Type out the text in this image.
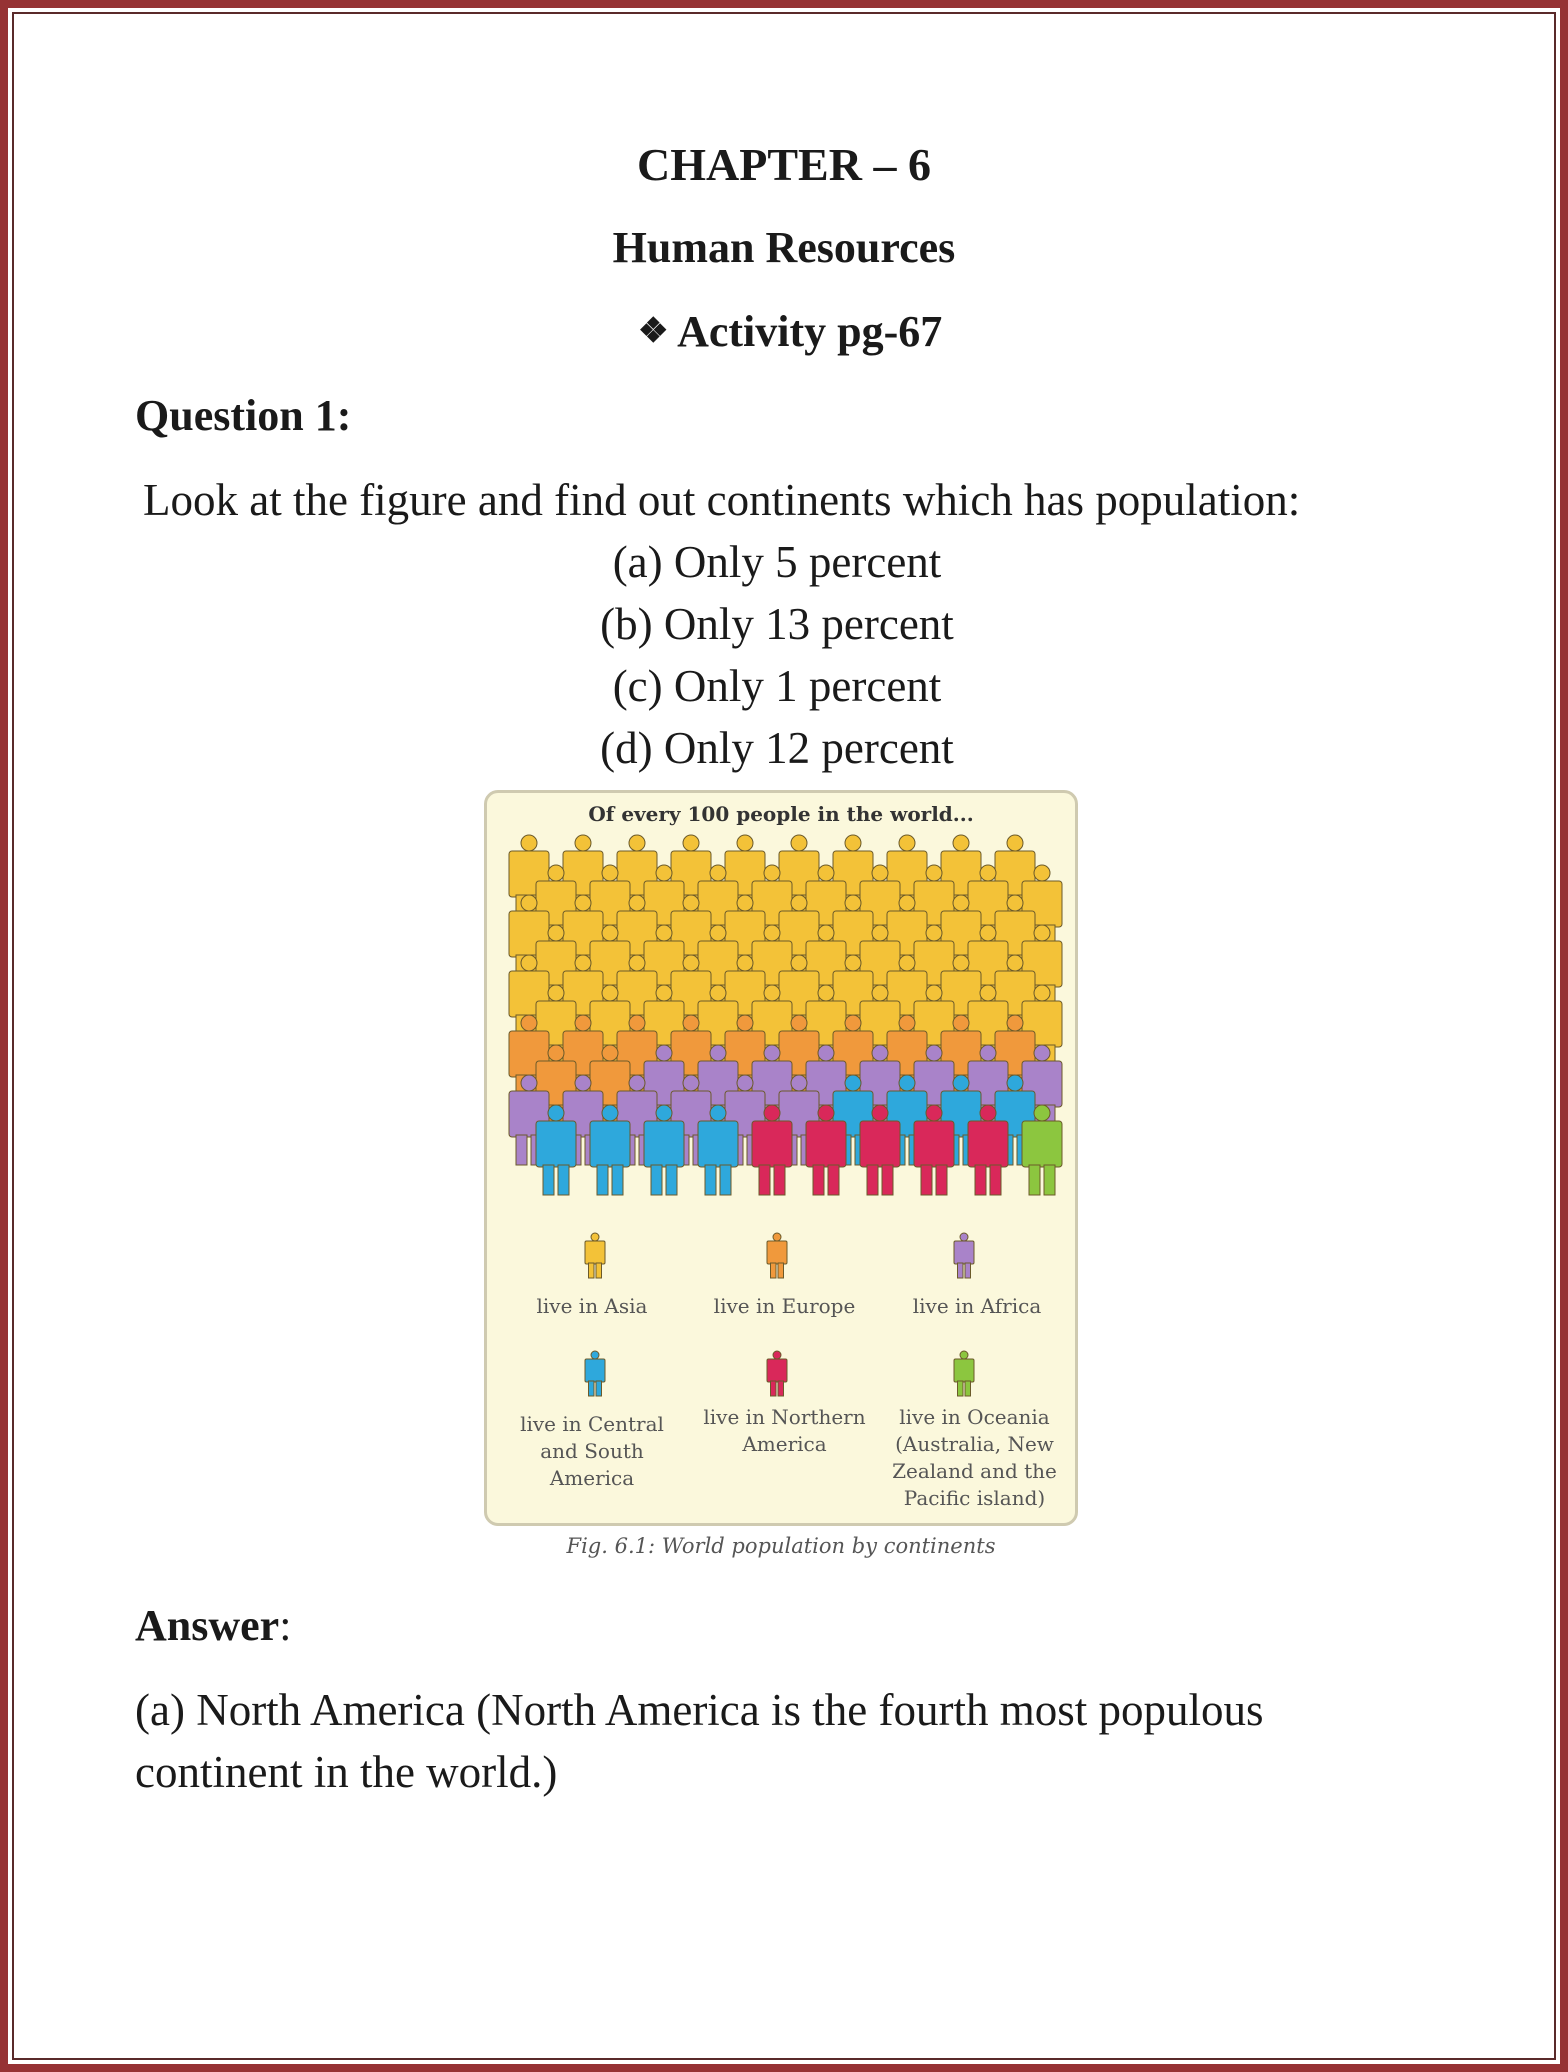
CHAPTER – 6
Human Resources
❖ Activity pg-67
Question 1:
Look at the figure and find out continents which has population:
(a) Only 5 percent
(b) Only 13 percent
(c) Only 1 percent
(d) Only 12 percent
Of every 100 people in the world...
live in Asia	live in Europe	live in Africa
live in Central and South America
live in Northern America
live in Oceania (Australia, New Zealand and the Pacific island)
Fig. 6.1: World population by continents
Answer:
(a) North America (North America is the fourth most populous
continent in the world.)
